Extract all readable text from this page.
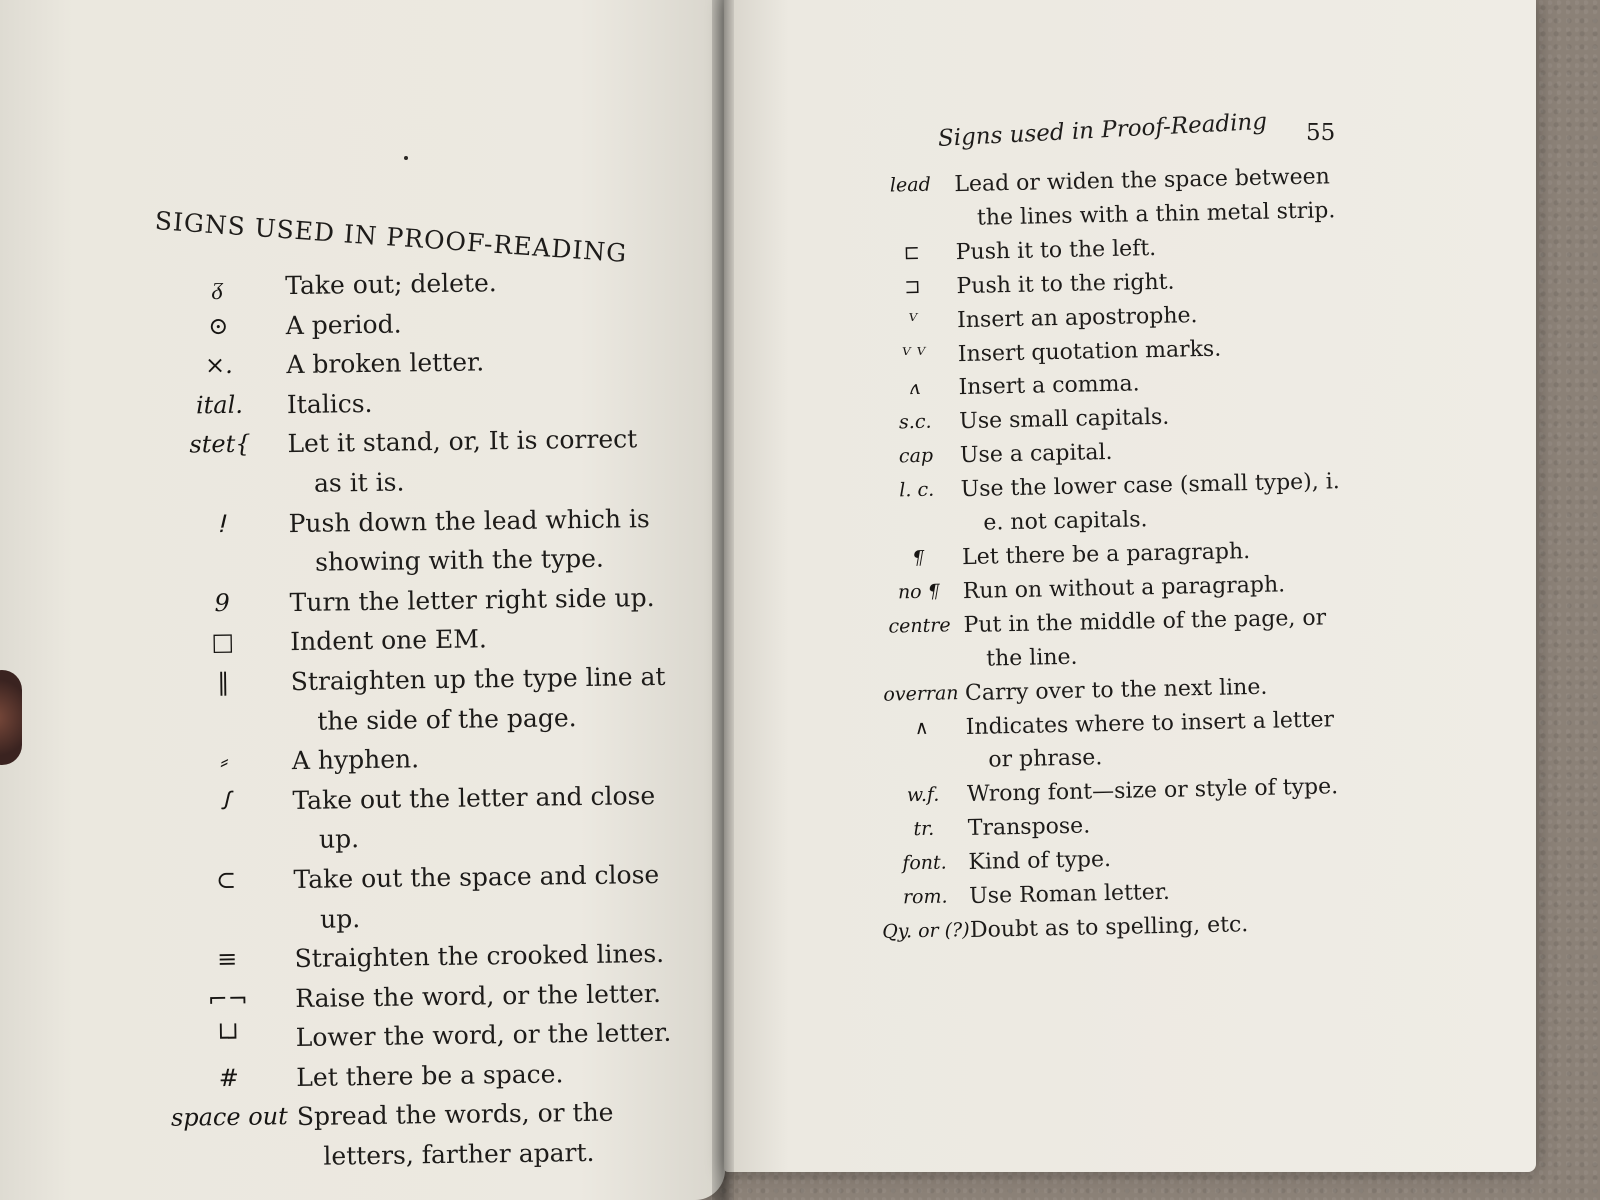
SIGNS USED IN PROOF-READING
ᵹ	Take out; delete.
⊙	A period.
×.	A broken letter.
ital.	Italics.
stet{	Let it stand, or, It is correct as it is.
ⵑ	Push down the lead which is showing with the type.
9	Turn the letter right side up.
□	Indent one EM.
‖	Straighten up the type line at the side of the page.
⸗	A hyphen.
ꭍ	Take out the letter and close up.
⊂	Take out the space and close up.
≡	Straighten the crooked lines.
⌐¬	Raise the word, or the letter.
└┘	Lower the word, or the letter.
#	Let there be a space.
space out Spread the words, or the letters, farther apart.
lead	Lead or widen the space between the lines with a thin metal strip.
⊏	Push it to the left.
⊐	Push it to the right.
ⱽ	Insert an apostrophe.
ⱽ ⱽ	Insert quotation marks.
ʌ	Insert a comma.
s.c.	Use small capitals.
cap	Use a capital.
l. c.	Use the lower case (small type), i. e. not capitals.
¶	Let there be a paragraph.
no ¶	Run on without a paragraph.
centre Put in the middle of the page, or the line.
overran Carry over to the next line.
∧	Indicates where to insert a letter or phrase.
w.f.	Wrong font—size or style of type.
tr.	Transpose.
font. Kind of type.
rom. Use Roman letter.
Qy. or (?) Doubt as to spelling, etc.
Signs used in Proof-Reading 55
